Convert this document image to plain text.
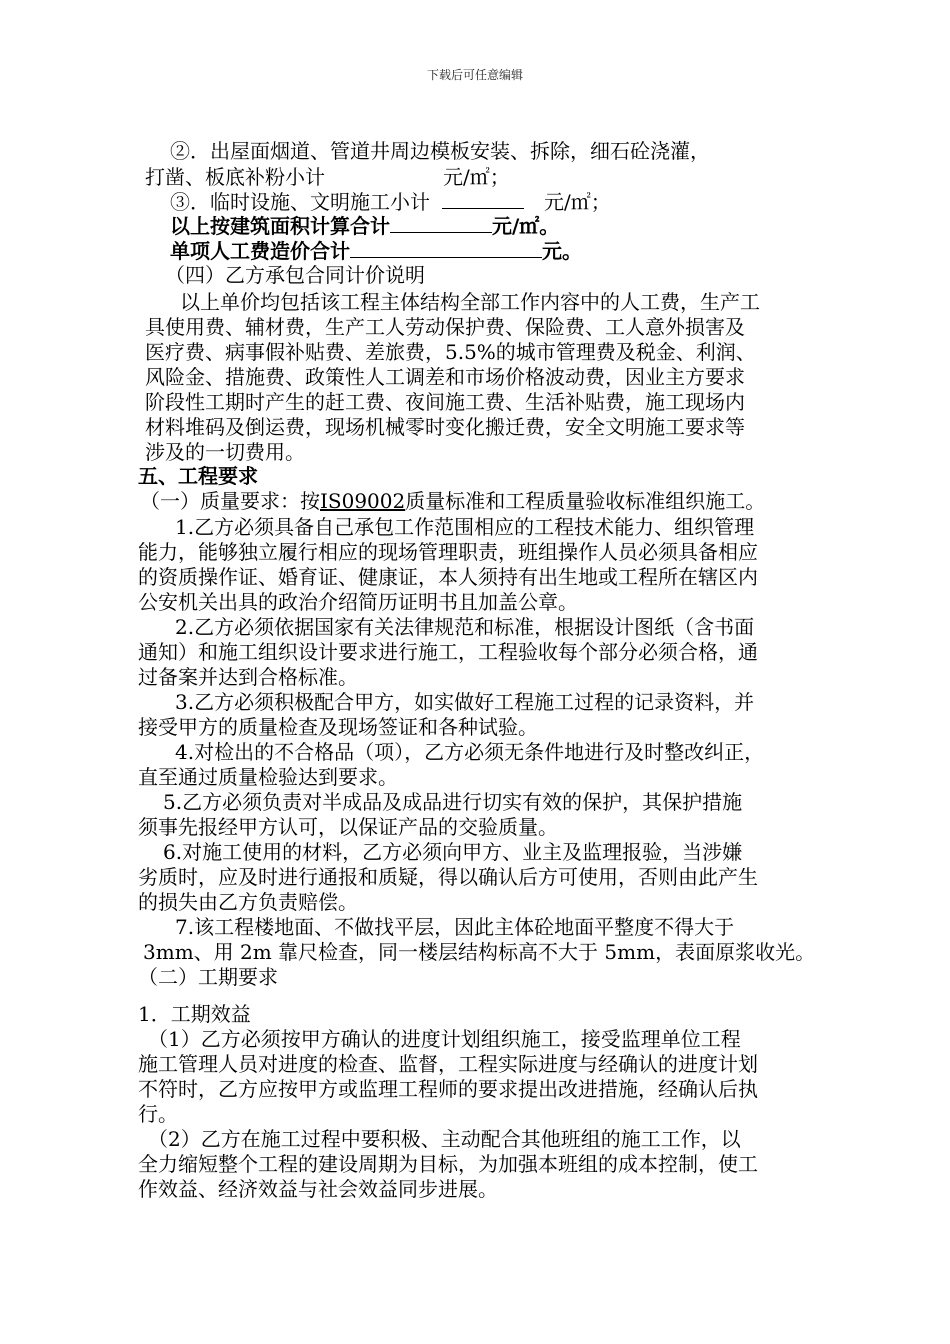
下载后可任意编辑
②．出屋面烟道、管道井周边模板安装、拆除，细石砼浇灌，
打凿、板底补粉小计	元/㎡；
③．临时设施、文明施工小计	元/㎡；
以上按建筑面积计算合计	元/㎡。
单项人工费造价合计	元。
（四）乙方承包合同计价说明
以上单价均包括该工程主体结构全部工作内容中的人工费，生产工
具使用费、辅材费，生产工人劳动保护费、保险费、工人意外损害及
医疗费、病事假补贴费、差旅费，5.5%的城市管理费及税金、利润、
风险金、措施费、政策性人工调差和市场价格波动费，因业主方要求
阶段性工期时产生的赶工费、夜间施工费、生活补贴费，施工现场内
材料堆码及倒运费，现场机械零时变化搬迁费，安全文明施工要求等
涉及的一切费用。
五、工程要求
（一）质量要求：按IS09002质量标准和工程质量验收标准组织施工。
1.乙方必须具备自己承包工作范围相应的工程技术能力、组织管理
能力，能够独立履行相应的现场管理职责，班组操作人员必须具备相应
的资质操作证、婚育证、健康证，本人须持有出生地或工程所在辖区内
公安机关出具的政治介绍简历证明书且加盖公章。
2.乙方必须依据国家有关法律规范和标准，根据设计图纸（含书面
通知）和施工组织设计要求进行施工，工程验收每个部分必须合格，通
过备案并达到合格标准。
3.乙方必须积极配合甲方，如实做好工程施工过程的记录资料，并
接受甲方的质量检查及现场签证和各种试验。
4.对检出的不合格品（项），乙方必须无条件地进行及时整改纠正，
直至通过质量检验达到要求。
5.乙方必须负责对半成品及成品进行切实有效的保护，其保护措施
须事先报经甲方认可，以保证产品的交验质量。
6.对施工使用的材料，乙方必须向甲方、业主及监理报验，当涉嫌
劣质时，应及时进行通报和质疑，得以确认后方可使用，否则由此产生
的损失由乙方负责赔偿。
7.该工程楼地面、不做找平层，因此主体砼地面平整度不得大于
3mm、用 2m 靠尺检查，同一楼层结构标高不大于 5mm，表面原浆收光。
（二）工期要求
1．工期效益
（1）乙方必须按甲方确认的进度计划组织施工，接受监理单位工程
施工管理人员对进度的检查、监督，工程实际进度与经确认的进度计划
不符时，乙方应按甲方或监理工程师的要求提出改进措施，经确认后执
行。
（2）乙方在施工过程中要积极、主动配合其他班组的施工工作，以
全力缩短整个工程的建设周期为目标，为加强本班组的成本控制，使工
作效益、经济效益与社会效益同步进展。
